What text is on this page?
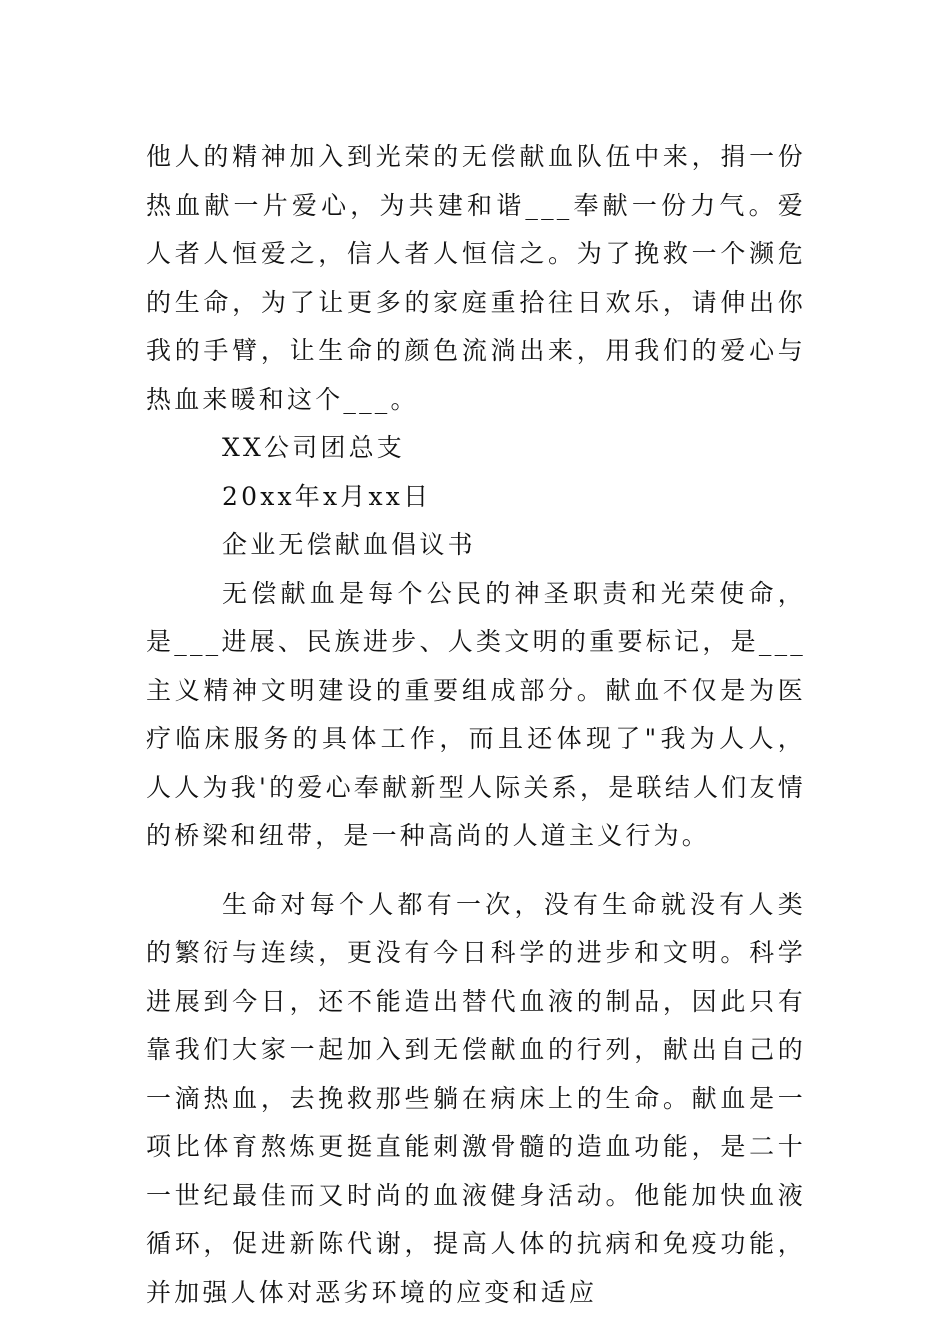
他人的精神加入到光荣的无偿献血队伍中来，捐一份热血献一片爱心，为共建和谐___奉献一份力气。爱人者人恒爱之，信人者人恒信之。为了挽救一个濒危的生命，为了让更多的家庭重拾往日欢乐，请伸出你我的手臂，让生命的颜色流淌出来，用我们的爱心与热血来暖和这个___。

XX公司团总支

20xx年x月xx日

企业无偿献血倡议书

无偿献血是每个公民的神圣职责和光荣使命，是___进展、民族进步、人类文明的重要标记，是___主义精神文明建设的重要组成部分。献血不仅是为医疗临床服务的具体工作，而且还体现了"我为人人，人人为我'的爱心奉献新型人际关系，是联结人们友情的桥梁和纽带，是一种高尚的人道主义行为。

生命对每个人都有一次，没有生命就没有人类的繁衍与连续，更没有今日科学的进步和文明。科学进展到今日，还不能造出替代血液的制品，因此只有靠我们大家一起加入到无偿献血的行列，献出自己的一滴热血，去挽救那些躺在病床上的生命。献血是一项比体育熬炼更挺直能刺激骨髓的造血功能，是二十一世纪最佳而又时尚的血液健身活动。他能加快血液循环，促进新陈代谢，提高人体的抗病和免疫功能，并加强人体对恶劣环境的应变和适应
